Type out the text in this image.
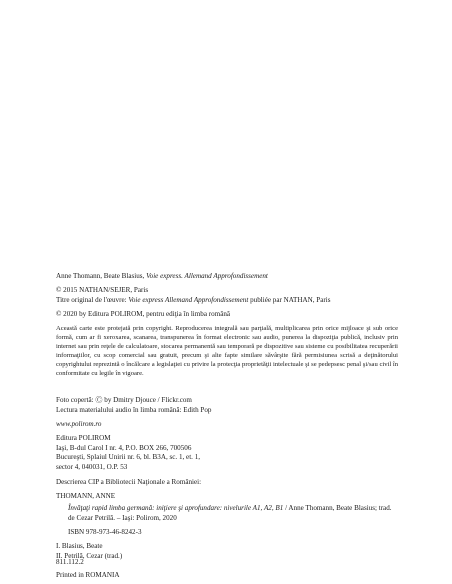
Anne Thomann, Beate Blasius, Voie express. Allemand Approfondissement
© 2015 NATHAN/SEJER, Paris
Titre original de l'œuvre: Voie express Allemand Approfondissement publiée par NATHAN, Paris
© 2020 by Editura POLIROM, pentru ediţia în limba română
Această carte este protejată prin copyright. Reproducerea integrală sau parţială, multiplicarea prin orice mijloace şi sub orice formă, cum ar fi xeroxarea, scanarea, transpunerea în format electronic sau audio, punerea la dispoziţia publică, inclusiv prin internet sau prin reţele de calculatoare, stocarea permanentă sau temporară pe dispozitive sau sisteme cu posibilitatea recuperării informaţiilor, cu scop comercial sau gratuit, precum şi alte fapte similare săvârşite fără permisiunea scrisă a deţinătorului copyrightului reprezintă o încălcare a legislaţiei cu privire la protecţia proprietăţii intelectuale şi se pedepsesc penal şi/sau civil în conformitate cu legile în vigoare.
Foto copertă: Ⓒ by Dmitry Djouce / Flickr.com
Lectura materialului audio în limba română: Edith Pop
www.polirom.ro
Editura POLIROM
Iaşi, B-dul Carol I nr. 4, P.O. BOX 266, 700506
Bucureşti, Splaiul Unirii nr. 6, bl. B3A, sc. 1, et. 1,
sector 4, 040031, O.P. 53
Descrierea CIP a Bibliotecii Naţionale a României:
THOMANN, ANNE
Învăţaţi rapid limba germană: iniţiere şi aprofundare: nivelurile A1, A2, B1 / Anne Thomann, Beate Blasius; trad. de Cezar Petrilă. – Iaşi: Polirom, 2020
ISBN 978-973-46-8242-3
I. Blasius, Beate
II. Petrilă, Cezar (trad.)
811.112.2
Printed in ROMANIA
